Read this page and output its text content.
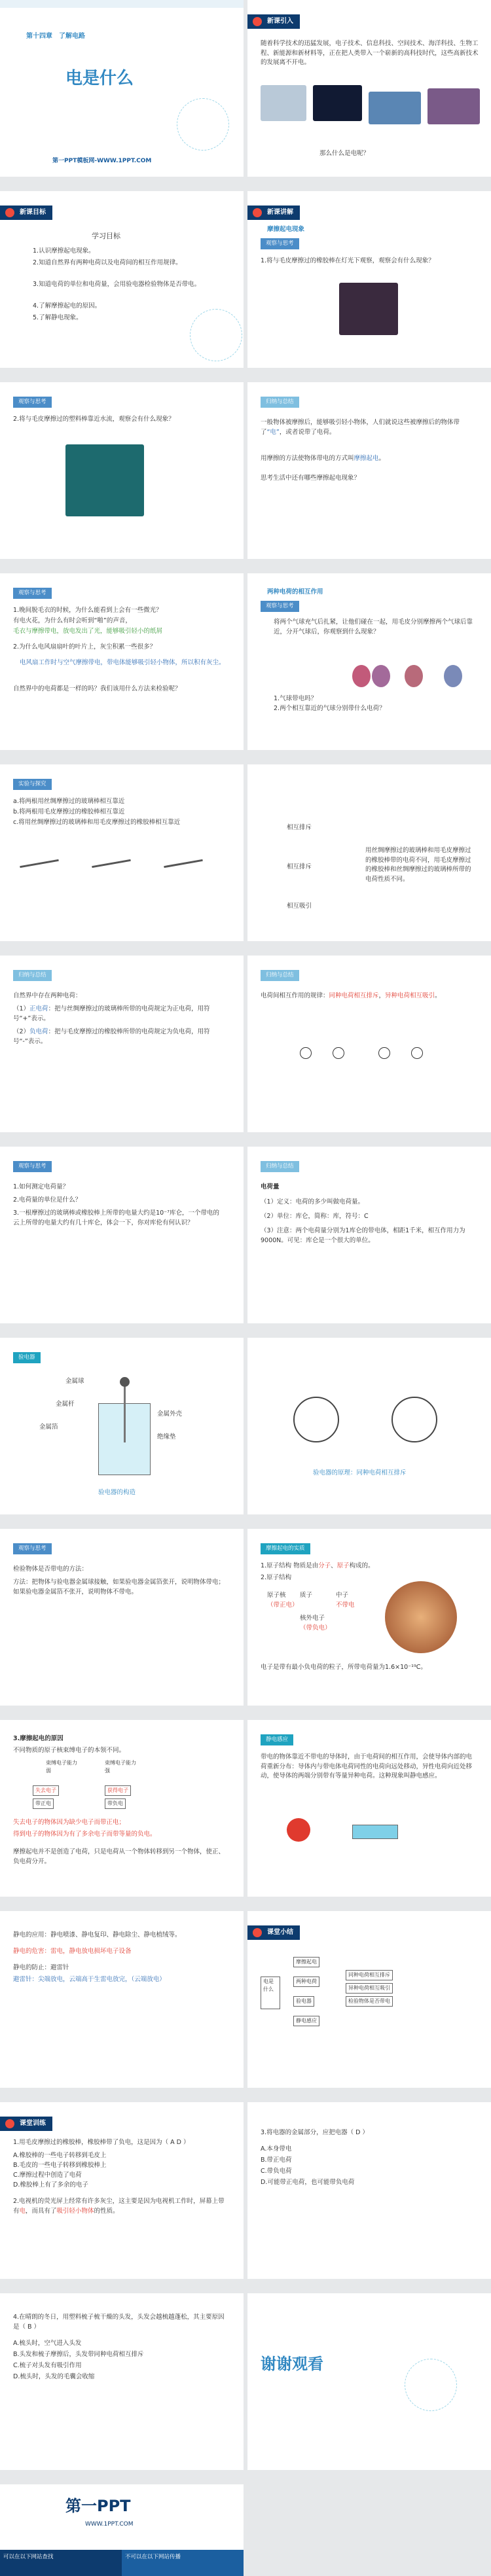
第十四章　了解电路
电是什么
第一PPT模板网-WWW.1PPT.COM
新课引入
随着科学技术的迅猛发展，电子技术、信息科技、空间技术、海洋科技、生物工程、新能源和新材料等，正在把人类带入一个崭新的高科技时代，这些高新技术的发展离不开电。
那么什么是电呢？
新课目标
学习目标
1.认识摩擦起电现象。
2.知道自然界有两种电荷以及电荷间的相互作用规律。
3.知道电荷的单位和电荷量，会用验电器检验物体是否带电。
4.了解摩擦起电的原因。
5.了解静电现象。
新课讲解
摩擦起电现象
观察与思考
1.将与毛皮摩擦过的橡胶棒在灯光下观察，观察会有什么现象？
观察与思考
2.将与毛皮摩擦过的塑料棒靠近水流，观察会有什么现象？
归纳与总结
一般物体被摩擦后，能够吸引轻小物体，人们就说这些被摩擦后的物体带了“电”，或者说带了电荷。
用摩擦的方法使物体带电的方式叫摩擦起电。
思考生活中还有哪些摩擦起电现象？
观察与思考
1.晚间脱毛衣的时候，为什么能看到上会有一些微光？
有电火花，为什么有时会听到“啪”的声音，
毛衣与摩擦带电，放电发出了光，能够吸引轻小的纸屑
2.为什么电风扇扇叶的叶片上，灰尘积累一些很多？
电风扇工作时与空气摩擦带电，带电体能够吸引轻小物体，所以积有灰尘。
自然界中的电荷都是一样的吗？我们该用什么方法来检验呢？
两种电荷的相互作用
观察与思考
将两个气球充气后扎紧，让他们碰在一起，用毛皮分别摩擦两个气球后靠近，分开气球后，你观察到什么现象？
1.气球带电吗？
2.两个相互靠近的气球分别带什么电荷？
实验与探究
a.将两根用丝绸摩擦过的玻璃棒相互靠近
b.将两根用毛皮摩擦过的橡胶棒相互靠近
c.将用丝绸摩擦过的玻璃棒和用毛皮摩擦过的橡胶棒相互靠近
相互排斥
相互排斥
相互吸引
用丝绸摩擦过的玻璃棒和用毛皮摩擦过的橡胶棒带的电荷不同，用毛皮摩擦过的橡胶棒和丝绸摩擦过的玻璃棒所带的电荷性质不同。
归纳与总结
自然界中存在两种电荷：
（1）正电荷：把与丝绸摩擦过的玻璃棒所带的电荷规定为正电荷，用符号“+”表示。
（2）负电荷：把与毛皮摩擦过的橡胶棒所带的电荷规定为负电荷，用符号“-”表示。
归纳与总结
电荷间相互作用的规律：同种电荷相互排斥，异种电荷相互吸引。
观察与思考
1.如何测定电荷量？
2.电荷量的单位是什么？
3.一根摩擦过的玻璃棒或橡胶棒上所带的电量大约是10⁻⁷库仑，一个带电的云上所带的电量大约有几十库仑，体会一下，你对库伦有何认识？
归纳与总结
电荷量
（1）定义：电荷的多少叫做电荷量。
（2）单位：库仑，简称：库，符号：C
（3）注意：两个电荷量分别为1库仑的带电体，相距1千米，相互作用力为9000N。可见：库仑是一个很大的单位。
验电器
金属球
金属杆
金属箔
金属外壳
绝缘垫
验电器的构造
验电器的原理：同种电荷相互排斥
观察与思考
检验物体是否带电的方法：
方法：把物体与验电器金属球接触，如果验电器金属箔张开，说明物体带电；如果验电器金属箔不张开，说明物体不带电。
摩擦起电的实质
1.原子结构 物质是由分子、原子构成的。
2.原子结构
原子核 质子	中子
核外电子
（带负电）
（带正电）	不带电
电子是带有最小负电荷的粒子，所带电荷量为1.6×10⁻¹⁹C。
3.摩擦起电的原因
不同物质的原子核束缚电子的本领不同。
束缚电子能力弱
束缚电子能力强
失去电子
带正电
获得电子
带负电
失去电子的物体因为缺少电子而带正电；
得到电子的物体因为有了多余电子而带等量的负电。
摩擦起电并不是创造了电荷，只是电荷从一个物体转移到另一个物体，使正、负电荷分开。
静电感应
带电的物体靠近不带电的导体时，由于电荷间的相互作用，会使导体内部的电荷重新分布：导体内与带电体电荷同性的电荷向远处移动，异性电荷向近处移动，使导体的两端分别带有等量异种电荷。这种现象叫静电感应。
静电的应用：静电喷漆、静电复印、静电除尘、静电植绒等。
静电的危害：雷电，静电放电损坏电子设备
静电的防止：避雷针
避雷针：尖端放电，云端高于生雷电放完，（云端放电）
课堂小结
电是什么
摩擦起电
两种电荷
验电器
静电感应
同种电荷相互排斥
异种电荷相互吸引
检验物体是否带电
课堂训练
1.用毛皮摩擦过的橡胶棒，橡胶棒带了负电，这是因为（ A D ）
A.橡胶棒的一些电子转移到毛皮上
B.毛皮的一些电子转移到橡胶棒上
C.摩擦过程中创造了电荷
D.橡胶棒上有了多余的电子
2.电视机的荧光屏上经常有许多灰尘，这主要是因为电视机工作时，屏幕上带有电，而具有了吸引轻小物体的性质。
3.将电器的金属部分，应把电器（ D ）
A.本身带电
B.带正电荷
C.带负电荷
D.可能带正电荷，也可能带负电荷
4.在晴朗的冬日，用塑料梳子梳干燥的头发，头发会越梳越蓬松，其主要原因是（ B ）
A.梳头时，空气进入头发
B.头发和梳子摩擦后，头发带同种电荷相互排斥
C.梳子对头发有吸引作用
D.梳头时，头发的毛囊会收缩
谢谢观看
第一PPT
WWW.1PPT.COM
可以在以下网站查找	不可以在以下网站传播
